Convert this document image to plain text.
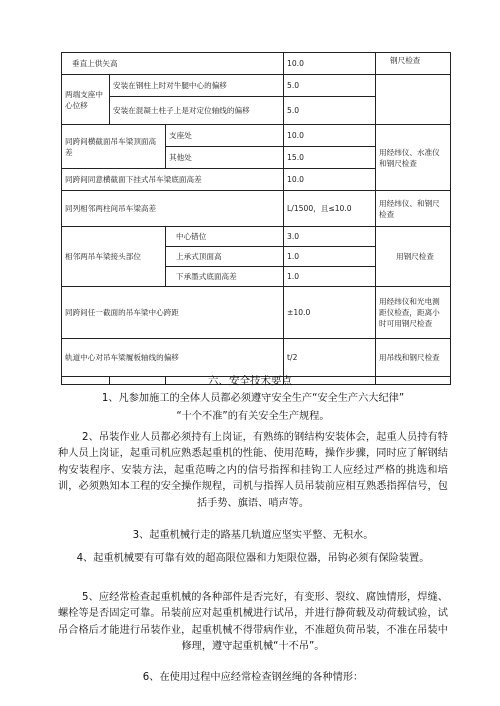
垂直上供矢高			10.0	钢尺检查
两端支座中心位移	安装在钢柱上时对牛腿中心的偏移		5.0	
	安装在混凝土柱子上是对定位轴线的偏移		5.0	
同跨间横截面吊车梁顶面高差		支座处	10.0	用经纬仪、水准仪和钢尺检查
		其他处	15.0	
同跨间同意横截面下挂式吊车梁底面高差			10.0	
同列相邻两柱间吊车梁高差			L/1500，且≤10.0	用经纬仪、和钢尺检查
相邻两吊车梁接头部位		中心错位	3.0	用钢尺检查
		上承式顶面高	1.0	
		下承墨式底面高差	1.0	
同跨间任一截面的吊车梁中心跨距			±10.0	用经纬仪和光电测距仪检查，距离小时可用钢尺检查
轨道中心对吊车梁履板轴线的偏移			t/2	用吊线和钢尺检查

六、安全技术要点
1、凡参加施工的全体人员都必须遵守安全生产“安全生产六大纪律”
“十个不准”的有关安全生产规程。
2、吊装作业人员都必须持有上岗证，有熟练的钢结构安装体会，起重人员持有特种人员上岗证，起重司机应熟悉起重机的性能、使用范畴，操作步骤，同时应了解钢结构安装程序、安装方法，起重范畴之内的信号指挥和挂钩工人应经过严格的挑选和培训，必须熟知本工程的安全操作规程，司机与指挥人员吊装前应相互熟悉指挥信号，包括手势、旗语、哨声等。
3、起重机械行走的路基几轨道应坚实平整、无积水。
4、起重机械要有可靠有效的超高限位器和力矩限位器，吊钩必须有保险装置。
5、应经常检查起重机械的各种部件是否完好，有变形、裂纹、腐蚀情形，焊缝、螺栓等是否固定可靠。吊装前应对起重机械进行试吊，并进行静荷载及动荷载试验，试吊合格后才能进行吊装作业，起重机械不得带病作业，不准超负荷吊装，不准在吊装中修理，遵守起重机械“十不吊”。
6、在使用过程中应经常检查钢丝绳的各种情形：
